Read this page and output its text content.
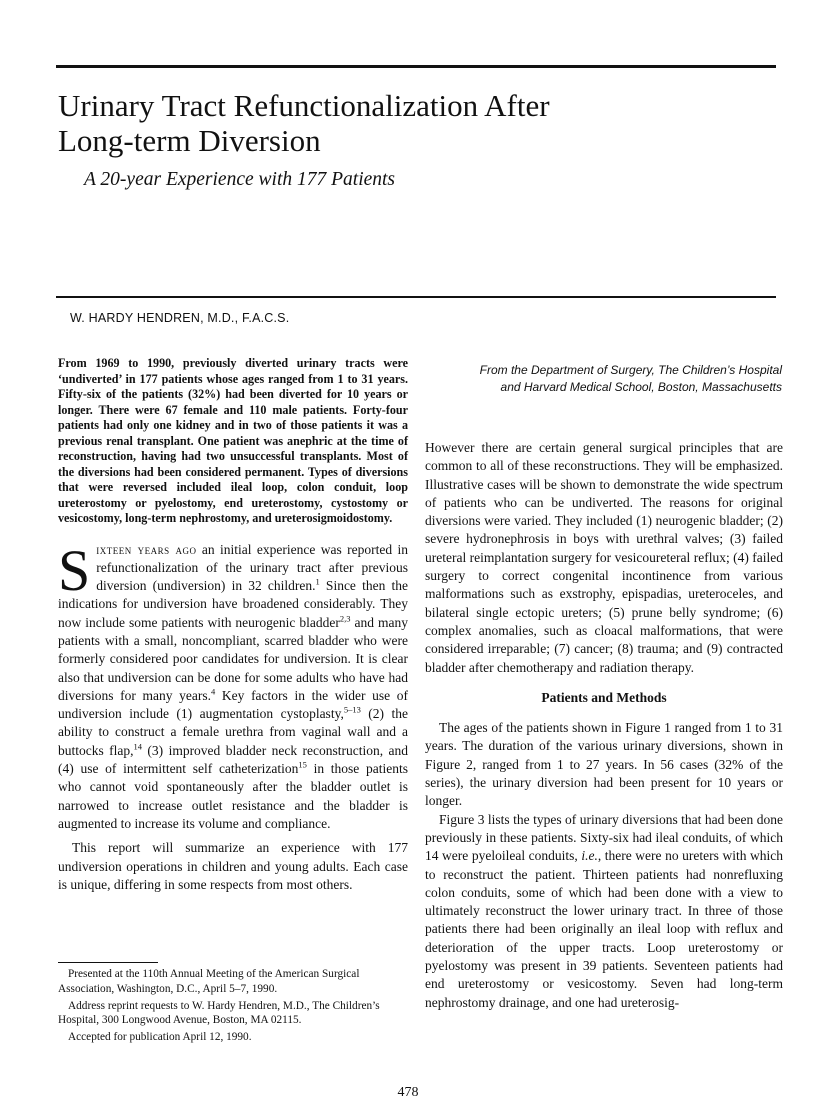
Urinary Tract Refunctionalization After
Long-term Diversion

A 20-year Experience with 177 Patients

W. HARDY HENDREN, M.D., F.A.C.S.
From the Department of Surgery, The Children’s Hospital
and Harvard Medical School, Boston, Massachusetts

From 1969 to 1990, previously diverted urinary tracts were ‘undiverted’ in 177 patients whose ages ranged from 1 to 31 years. Fifty-six of the patients (32%) had been diverted for 10 years or longer. There were 67 female and 110 male patients. Forty-four patients had only one kidney and in two of those patients it was a previous renal transplant. One patient was anephric at the time of reconstruction, having had two unsuccessful transplants. Most of the diversions had been considered permanent. Types of diversions that were reversed included ileal loop, colon conduit, loop ureterostomy or pyelostomy, end ureterostomy, cystostomy or vesicostomy, long-term nephrostomy, and ureterosigmoidostomy.

Sixteen years ago an initial experience was reported in refunctionalization of the urinary tract after previous diversion (undiversion) in 32 children.$^1$ Since then the indications for undiversion have broadened considerably. They now include some patients with neurogenic bladder$^{2,3}$ and many patients with a small, noncompliant, scarred bladder who were formerly considered poor candidates for undiversion. It is clear also that undiversion can be done for some adults who have had diversions for many years.$^4$ Key factors in the wider use of undiversion include (1) augmentation cystoplasty,$^{5-13}$ (2) the ability to construct a female urethra from vaginal wall and a buttocks flap,$^{14}$ (3) improved bladder neck reconstruction, and (4) use of intermittent self catheterization$^{15}$ in those patients who cannot void spontaneously after the bladder outlet is narrowed to increase outlet resistance and the bladder is augmented to increase its volume and compliance.

This report will summarize an experience with 177 undiversion operations in children and young adults. Each case is unique, differing in some respects from most others.

However there are certain general surgical principles that are common to all of these reconstructions. They will be emphasized. Illustrative cases will be shown to demonstrate the wide spectrum of patients who can be undiverted. The reasons for original diversions were varied. They included (1) neurogenic bladder; (2) severe hydronephrosis in boys with urethral valves; (3) failed ureteral reimplantation surgery for vesicoureteral reflux; (4) failed surgery to correct congenital incontinence from various malformations such as exstrophy, epispadias, ureteroceles, and bilateral single ectopic ureters; (5) prune belly syndrome; (6) complex anomalies, such as cloacal malformations, that were considered irreparable; (7) cancer; (8) trauma; and (9) contracted bladder after chemotherapy and radiation therapy.

Patients and Methods

The ages of the patients shown in Figure 1 ranged from 1 to 31 years. The duration of the various urinary diversions, shown in Figure 2, ranged from 1 to 27 years. In 56 cases (32% of the series), the urinary diversion had been present for 10 years or longer.

Figure 3 lists the types of urinary diversions that had been done previously in these patients. Sixty-six had ileal conduits, of which 14 were pyeloileal conduits, i.e., there were no ureters with which to reconstruct the patient. Thirteen patients had nonrefluxing colon conduits, some of which had been done with a view to ultimately reconstruct the lower urinary tract. In three of those patients there had been originally an ileal loop with reflux and deterioration of the upper tracts. Loop ureterostomy or pyelostomy was present in 39 patients. Seventeen patients had end ureterostomy or vesicostomy. Seven had long-term nephrostomy drainage, and one had ureterosig-

Presented at the 110th Annual Meeting of the American Surgical Association, Washington, D.C., April 5–7, 1990.

Address reprint requests to W. Hardy Hendren, M.D., The Children’s Hospital, 300 Longwood Avenue, Boston, MA 02115.

Accepted for publication April 12, 1990.

478
